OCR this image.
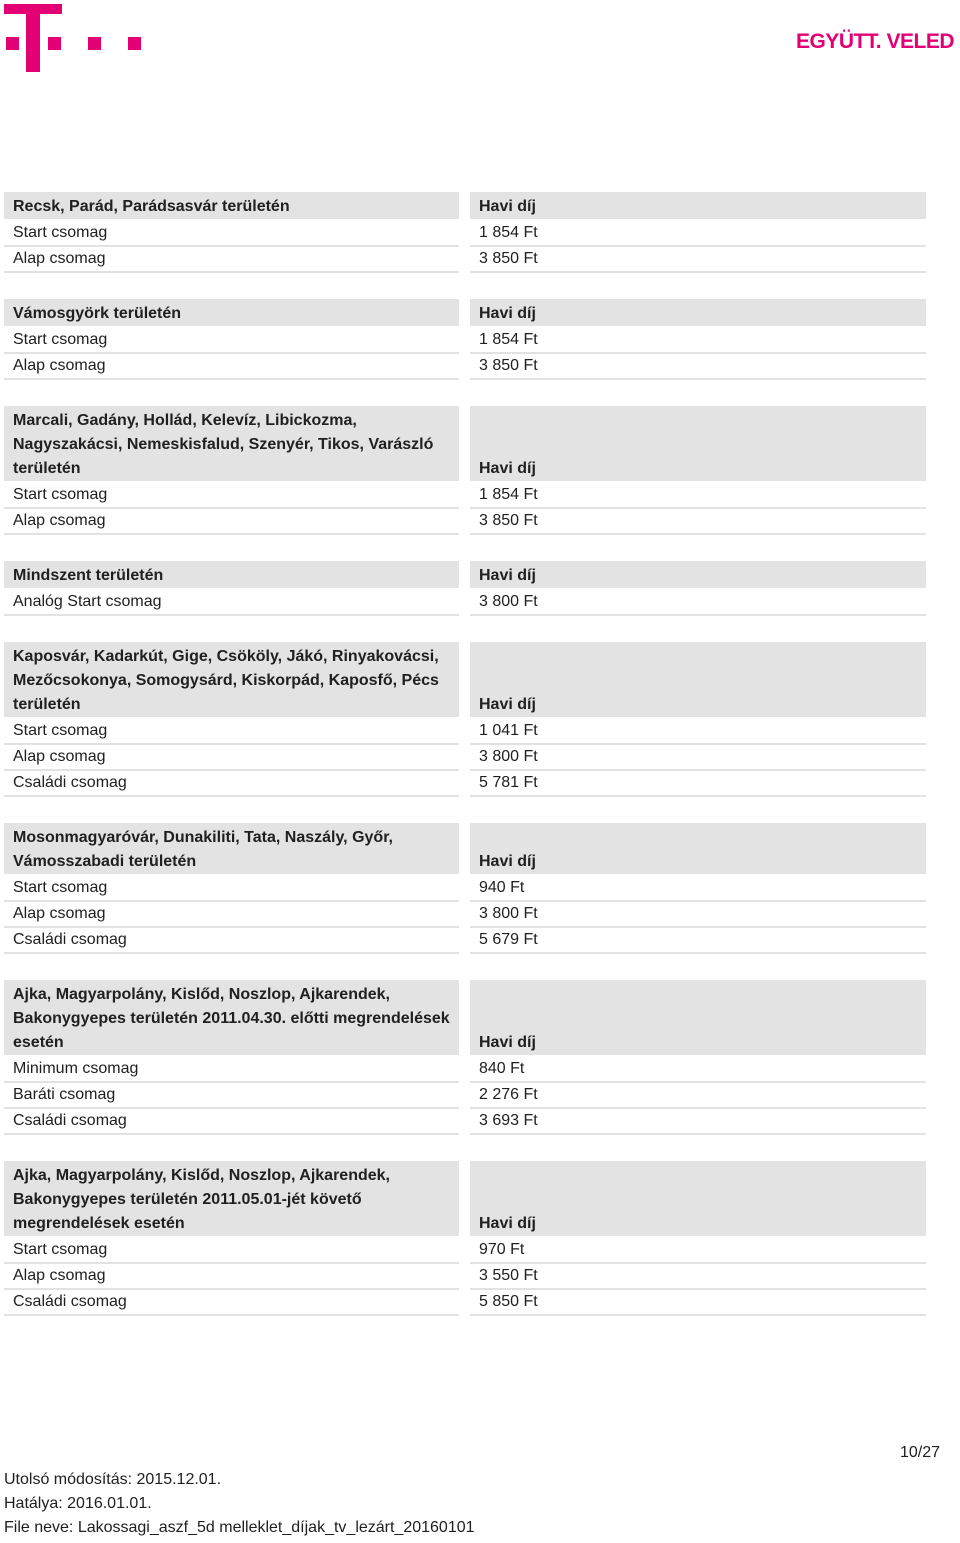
EGYÜTT. VELED
Recsk, Parád, Parádsasvár területén		Havi díj
Start csomag		1 854 Ft
Alap csomag		3 850 Ft
Vámosgyörk területén		Havi díj
Start csomag		1 854 Ft
Alap csomag		3 850 Ft
Marcali, Gadány, Hollád, Kelevíz, Libickozma, Nagyszakácsi, Nemeskisfalud, Szenyér, Tikos, Varászló területén		Havi díj
Start csomag		1 854 Ft
Alap csomag		3 850 Ft
Mindszent területén		Havi díj
Analóg Start csomag		3 800 Ft
Kaposvár, Kadarkút, Gige, Csököly, Jákó, Rinyakovácsi, Mezőcsokonya, Somogysárd, Kiskorpád, Kaposfő, Pécs területén		Havi díj
Start csomag		1 041 Ft
Alap csomag		3 800 Ft
Családi csomag		5 781 Ft
Mosonmagyaróvár, Dunakiliti, Tata, Naszály, Győr, Vámosszabadi területén		Havi díj
Start csomag		940 Ft
Alap csomag		3 800 Ft
Családi csomag		5 679 Ft
Ajka, Magyarpolány, Kislőd, Noszlop, Ajkarendek, Bakonygyepes területén 2011.04.30. előtti megrendelések esetén		Havi díj
Minimum csomag		840 Ft
Baráti csomag		2 276 Ft
Családi csomag		3 693 Ft
Ajka, Magyarpolány, Kislőd, Noszlop, Ajkarendek, Bakonygyepes területén 2011.05.01-jét követő megrendelések esetén		Havi díj
Start csomag		970 Ft
Alap csomag		3 550 Ft
Családi csomag		5 850 Ft
10/27
Utolsó módosítás: 2015.12.01.
Hatálya: 2016.01.01.
File neve: Lakossagi_aszf_5d melleklet_díjak_tv_lezárt_20160101
